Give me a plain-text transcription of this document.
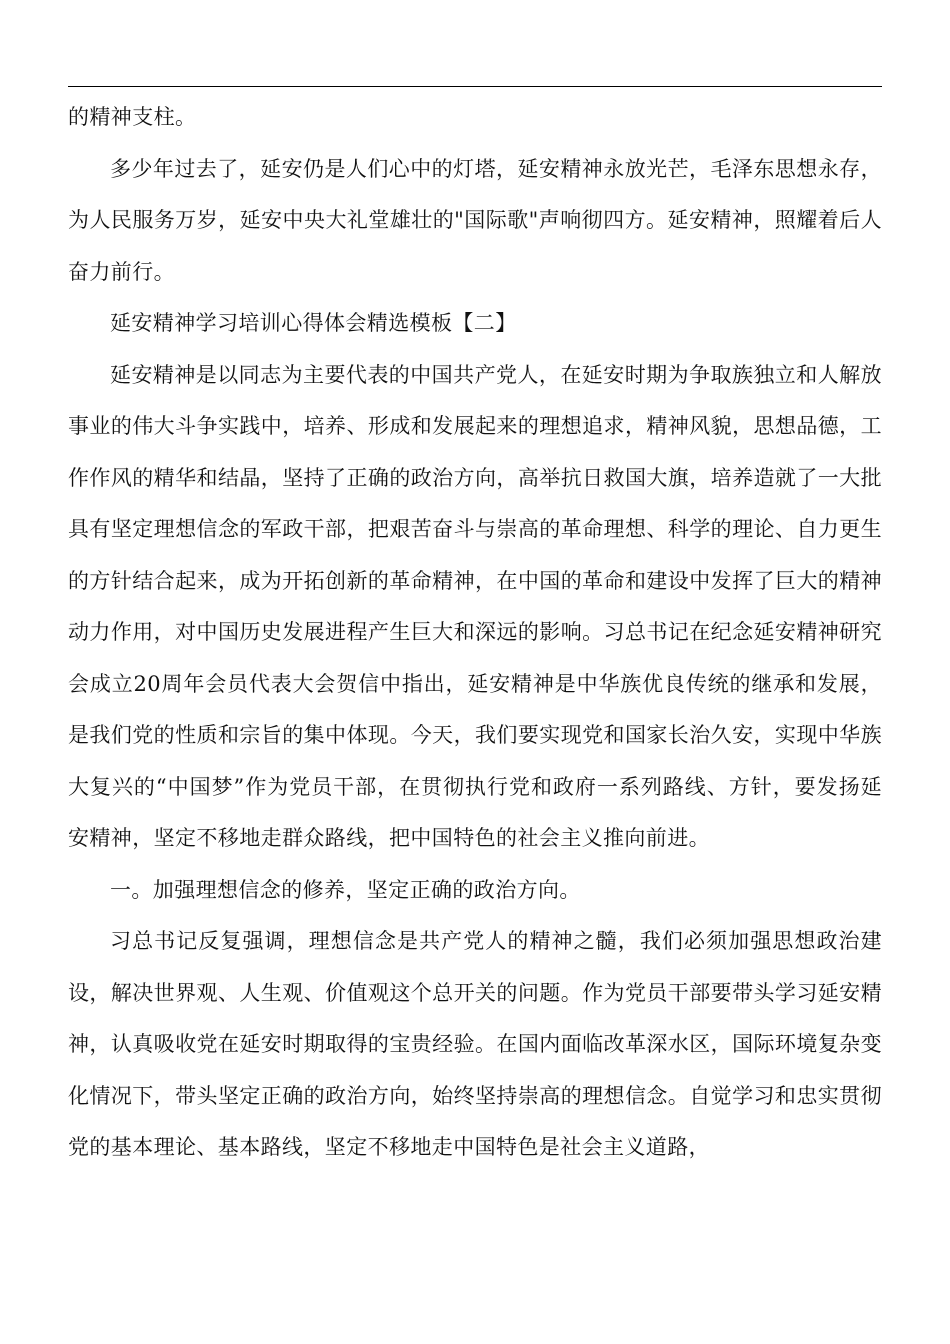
的精神支柱。

多少年过去了，延安仍是人们心中的灯塔，延安精神永放光芒，毛泽东思想永存，为人民服务万岁，延安中央大礼堂雄壮的"国际歌"声响彻四方。延安精神，照耀着后人奋力前行。

延安精神学习培训心得体会精选模板【二】

延安精神是以同志为主要代表的中国共产党人，在延安时期为争取族独立和人解放事业的伟大斗争实践中，培养、形成和发展起来的理想追求，精神风貌，思想品德，工作作风的精华和结晶，坚持了正确的政治方向，高举抗日救国大旗，培养造就了一大批具有坚定理想信念的军政干部，把艰苦奋斗与崇高的革命理想、科学的理论、自力更生的方针结合起来，成为开拓创新的革命精神，在中国的革命和建设中发挥了巨大的精神动力作用，对中国历史发展进程产生巨大和深远的影响。习总书记在纪念延安精神研究会成立20周年会员代表大会贺信中指出，延安精神是中华族优良传统的继承和发展，是我们党的性质和宗旨的集中体现。今天，我们要实现党和国家长治久安，实现中华族大复兴的“中国梦”作为党员干部，在贯彻执行党和政府一系列路线、方针，要发扬延安精神，坚定不移地走群众路线，把中国特色的社会主义推向前进。

一。加强理想信念的修养，坚定正确的政治方向。

习总书记反复强调，理想信念是共产党人的精神之髓，我们必须加强思想政治建设，解决世界观、人生观、价值观这个总开关的问题。作为党员干部要带头学习延安精神，认真吸收党在延安时期取得的宝贵经验。在国内面临改革深水区，国际环境复杂变化情况下，带头坚定正确的政治方向，始终坚持崇高的理想信念。自觉学习和忠实贯彻党的基本理论、基本路线，坚定不移地走中国特色是社会主义道路，
